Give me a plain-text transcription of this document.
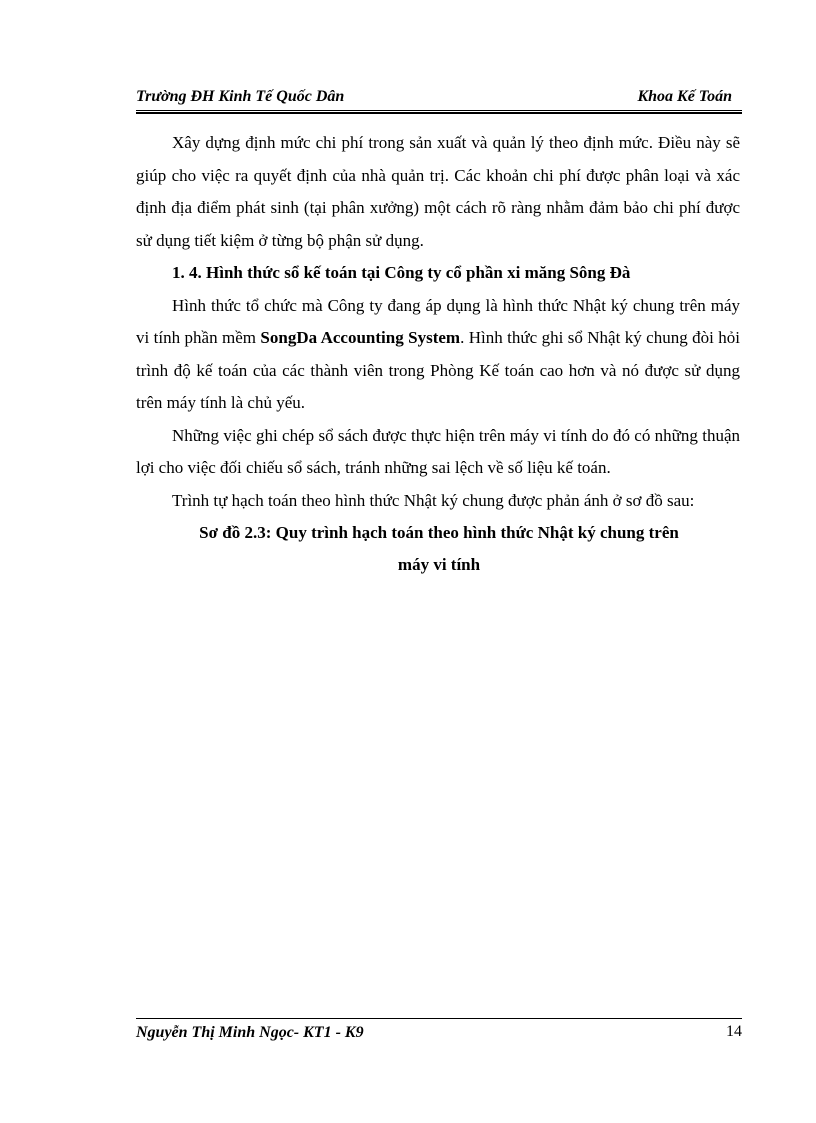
Trường ĐH Kinh Tế Quốc Dân	Khoa Kế Toán

Xây dựng định mức chi phí trong sản xuất và quản lý theo định mức. Điều này sẽ giúp cho việc ra quyết định của nhà quản trị. Các khoản chi phí được phân loại và xác định địa điểm phát sinh (tại phân xưởng) một cách rõ ràng nhằm đảm bảo chi phí được sử dụng tiết kiệm ở từng bộ phận sử dụng.

1. 4. Hình thức sổ kế toán tại Công ty cổ phần xi măng Sông Đà

Hình thức tổ chức mà Công ty đang áp dụng là hình thức Nhật ký chung trên máy vi tính phần mềm SongDa Accounting System. Hình thức ghi sổ Nhật ký chung đòi hỏi trình độ kế toán của các thành viên trong Phòng Kế toán cao hơn và nó được sử dụng trên máy tính là chủ yếu.

Những việc ghi chép sổ sách được thực hiện trên máy vi tính do đó có những thuận lợi cho việc đối chiếu sổ sách, tránh những sai lệch về số liệu kế toán.

Trình tự hạch toán theo hình thức Nhật ký chung được phản ánh ở sơ đồ sau:

Sơ đồ 2.3: Quy trình hạch toán theo hình thức Nhật ký chung trên
máy vi tính
Nguyễn Thị Minh Ngọc- KT1 - K9	14
